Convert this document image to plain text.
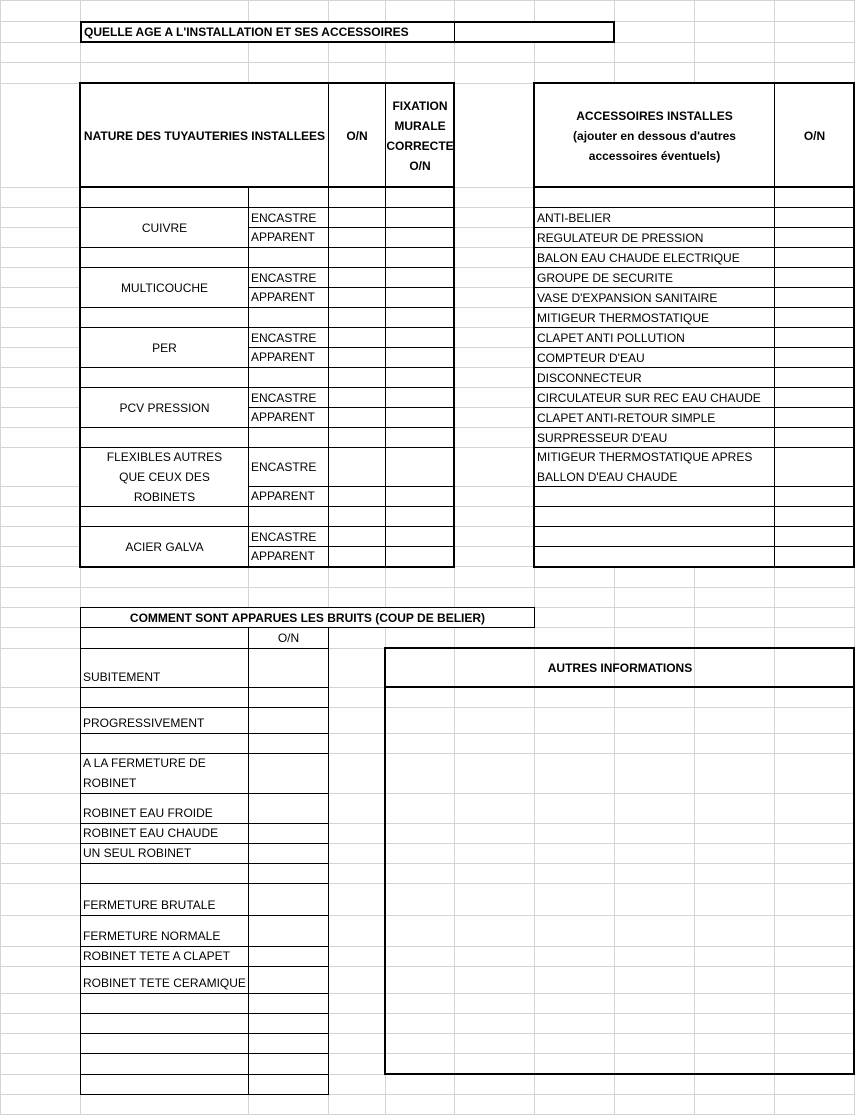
QUELLE AGE A L'INSTALLATION ET SES ACCESSOIRES
NATURE DES TUYAUTERIES INSTALLEES	O/N
FIXATION MURALE CORRECTE O/N
CUIVRE
ENCASTRE
APPARENT
MULTICOUCHE
ENCASTRE
APPARENT
PER
ENCASTRE
APPARENT
PCV PRESSION
ENCASTRE
APPARENT
FLEXIBLES AUTRES QUE CEUX DES ROBINETS
ENCASTRE
APPARENT
ACIER GALVA
ENCASTRE
APPARENT
ACCESSOIRES INSTALLES
(ajouter en dessous d'autres accessoires éventuels)
O/N
ANTI-BELIER
REGULATEUR DE PRESSION
BALON EAU CHAUDE ELECTRIQUE
GROUPE DE SECURITE
VASE D'EXPANSION SANITAIRE
MITIGEUR THERMOSTATIQUE
CLAPET ANTI POLLUTION
COMPTEUR D'EAU
DISCONNECTEUR
CIRCULATEUR SUR REC EAU CHAUDE
CLAPET ANTI-RETOUR SIMPLE
SURPRESSEUR D'EAU
MITIGEUR THERMOSTATIQUE APRES BALLON D'EAU CHAUDE
COMMENT SONT APPARUES LES BRUITS (COUP DE BELIER)
O/N
SUBITEMENT
PROGRESSIVEMENT
A LA FERMETURE DE ROBINET
ROBINET EAU FROIDE
ROBINET EAU CHAUDE
UN SEUL ROBINET
FERMETURE BRUTALE
FERMETURE NORMALE
ROBINET TETE A CLAPET
ROBINET TETE CERAMIQUE
AUTRES INFORMATIONS
